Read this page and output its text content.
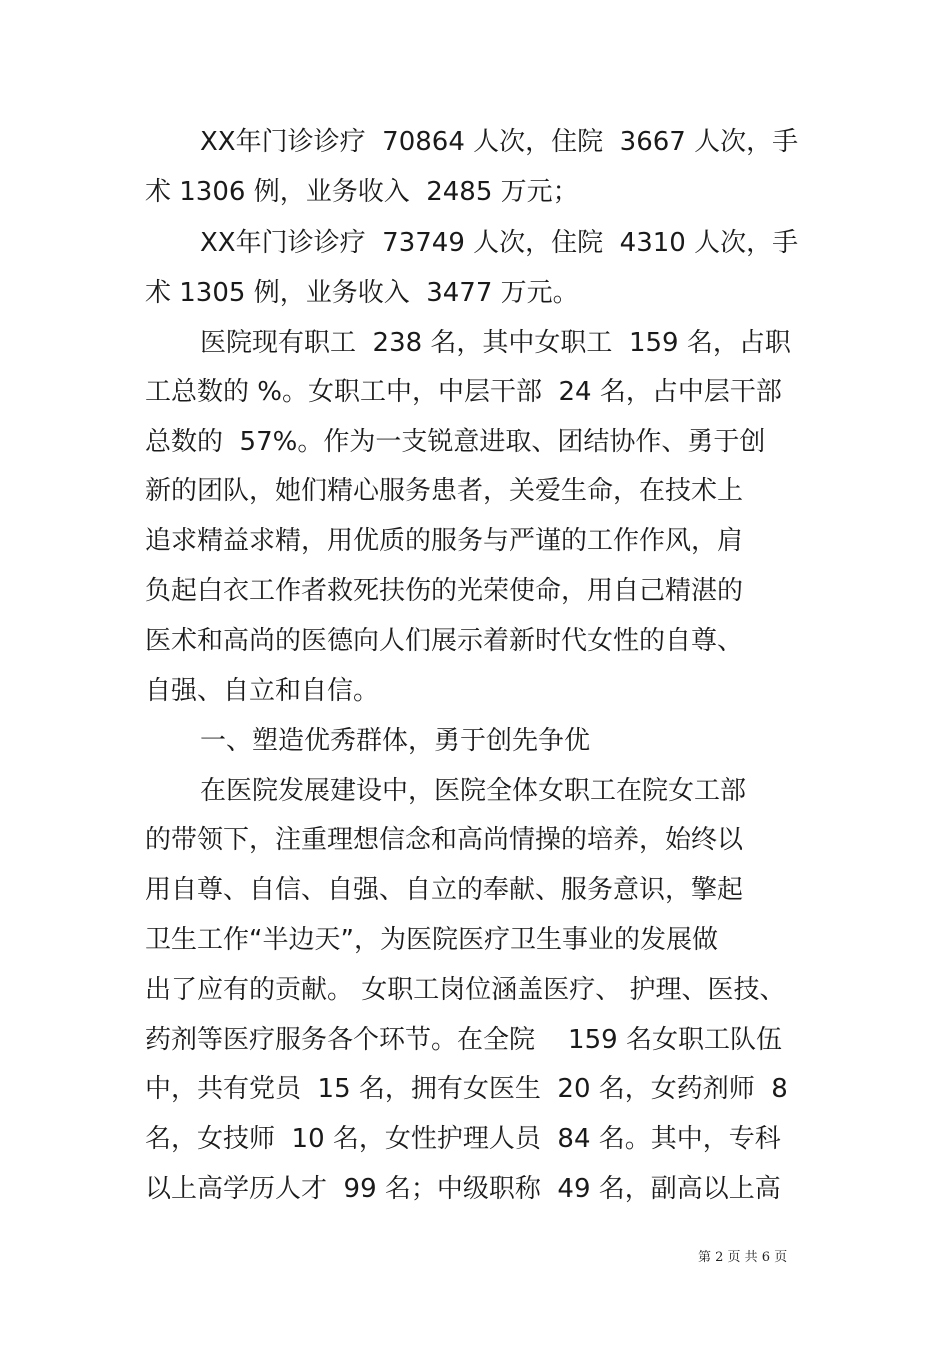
XX年门诊诊疗  70864 人次，住院  3667 人次，手
术 1306 例，业务收入  2485 万元；
XX年门诊诊疗  73749 人次，住院  4310 人次，手
术 1305 例，业务收入  3477 万元。
医院现有职工  238 名，其中女职工  159 名，占职
工总数的 %。女职工中，中层干部  24 名，占中层干部
总数的  57%。作为一支锐意进取、团结协作、勇于创
新的团队，她们精心服务患者，关爱生命，在技术上
追求精益求精，用优质的服务与严谨的工作作风，肩
负起白衣工作者救死扶伤的光荣使命，用自己精湛的
医术和高尚的医德向人们展示着新时代女性的自尊、
自强、自立和自信。
一、塑造优秀群体，勇于创先争优
在医院发展建设中，医院全体女职工在院女工部
的带领下，注重理想信念和高尚情操的培养，始终以
用自尊、自信、自强、自立的奉献、服务意识，擎起
卫生工作“半边天”，为医院医疗卫生事业的发展做
出了应有的贡献。 女职工岗位涵盖医疗、 护理、医技、
药剂等医疗服务各个环节。在全院    159 名女职工队伍
中，共有党员  15 名，拥有女医生  20 名，女药剂师  8
名，女技师  10 名，女性护理人员  84 名。其中，专科
以上高学历人才  99 名；中级职称  49 名，副高以上高
第 2 页 共 6 页
